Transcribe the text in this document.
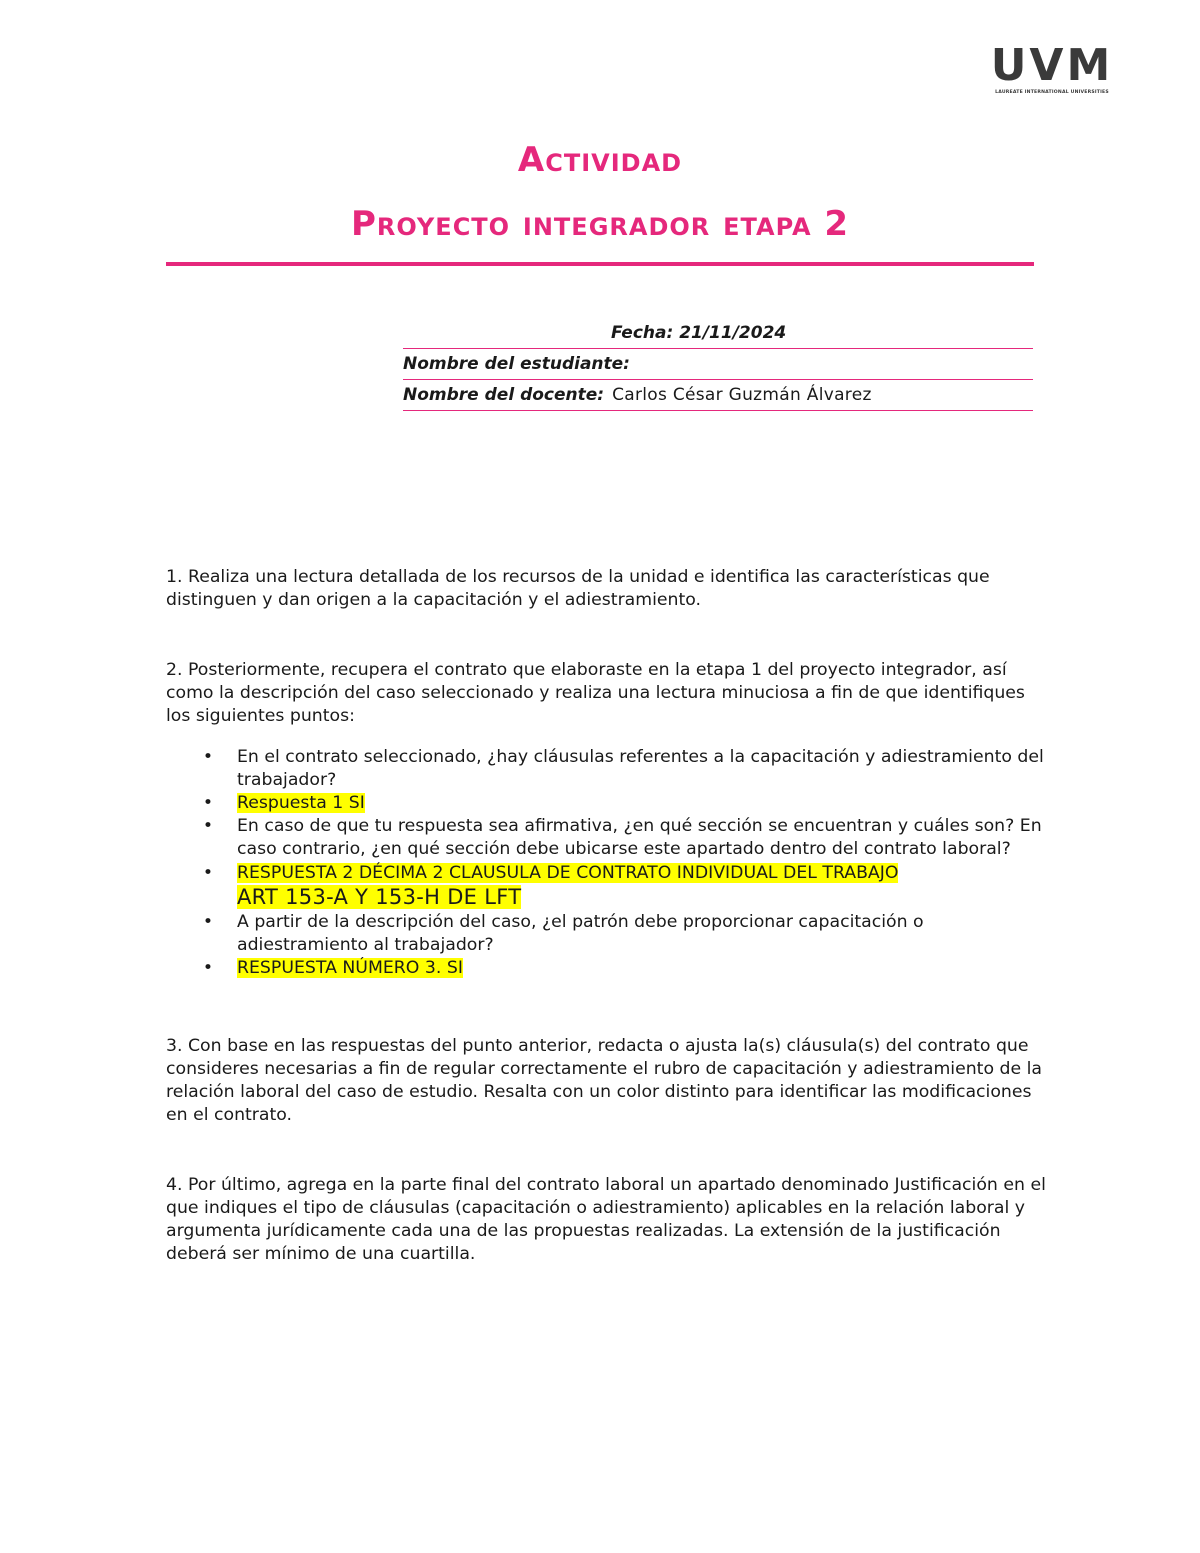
UVM
LAUREATE INTERNATIONAL UNIVERSITIES
Actividad
Proyecto integrador etapa 2
Fecha: 21/11/2024
Nombre del estudiante:
Nombre del docente: Carlos César Guzmán Álvarez

1. Realiza una lectura detallada de los recursos de la unidad e identifica las características que distinguen y dan origen a la capacitación y el adiestramiento.

2. Posteriormente, recupera el contrato que elaboraste en la etapa 1 del proyecto integrador, así como la descripción del caso seleccionado y realiza una lectura minuciosa a fin de que identifiques los siguientes puntos:

• En el contrato seleccionado, ¿hay cláusulas referentes a la capacitación y adiestramiento del trabajador?
• Respuesta 1 SI
• En caso de que tu respuesta sea afirmativa, ¿en qué sección se encuentran y cuáles son? En caso contrario, ¿en qué sección debe ubicarse este apartado dentro del contrato laboral?
• RESPUESTA 2 DÉCIMA 2 CLAUSULA DE CONTRATO INDIVIDUAL DEL TRABAJO
ART 153-A Y 153-H DE LFT
• A partir de la descripción del caso, ¿el patrón debe proporcionar capacitación o adiestramiento al trabajador?
• RESPUESTA NÚMERO 3. SI

3. Con base en las respuestas del punto anterior, redacta o ajusta la(s) cláusula(s) del contrato que consideres necesarias a fin de regular correctamente el rubro de capacitación y adiestramiento de la relación laboral del caso de estudio. Resalta con un color distinto para identificar las modificaciones en el contrato.

4. Por último, agrega en la parte final del contrato laboral un apartado denominado Justificación en el que indiques el tipo de cláusulas (capacitación o adiestramiento) aplicables en la relación laboral y argumenta jurídicamente cada una de las propuestas realizadas. La extensión de la justificación deberá ser mínimo de una cuartilla.
